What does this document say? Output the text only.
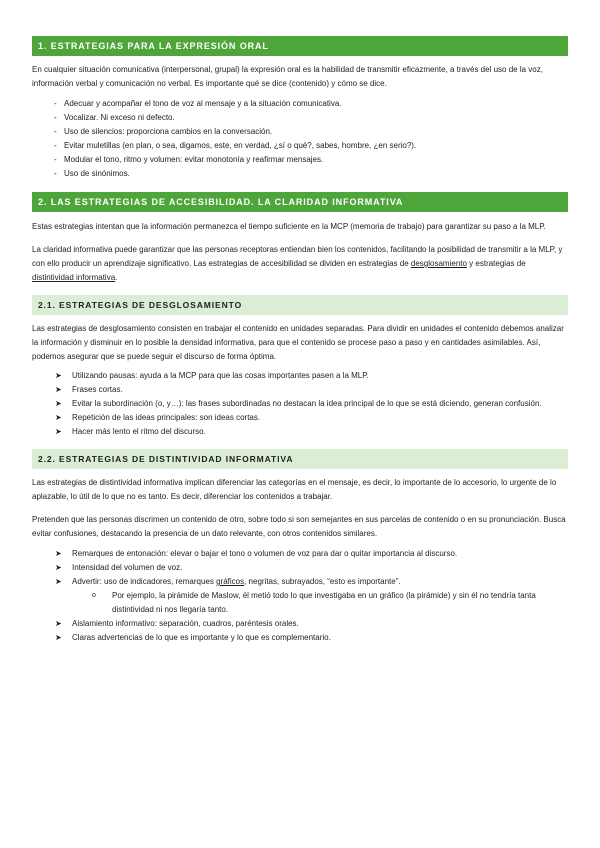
1. ESTRATEGIAS PARA LA EXPRESIÓN ORAL

En cualquier situación comunicativa (interpersonal, grupal) la expresión oral es la habilidad de transmitir eficazmente, a través del uso de la voz, información verbal y comunicación no verbal. Es importante qué se dice (contenido) y cómo se dice.

- Adecuar y acompañar el tono de voz al mensaje y a la situación comunicativa.
- Vocalizar. Ni exceso ni defecto.
- Uso de silencios: proporciona cambios en la conversación.
- Evitar muletillas (en plan, o sea, digamos, este, en verdad, ¿sí o qué?, sabes, hombre, ¿en serio?).
- Modular el tono, ritmo y volumen: evitar monotonía y reafirmar mensajes.
- Uso de sinónimos.
2. LAS ESTRATEGIAS DE ACCESIBILIDAD. LA CLARIDAD INFORMATIVA

Estas estrategias intentan que la información permanezca el tiempo suficiente en la MCP (memoria de trabajo) para garantizar su paso a la MLP.

La claridad informativa puede garantizar que las personas receptoras entiendan bien los contenidos, facilitando la posibilidad de transmitir a la MLP, y con ello producir un aprendizaje significativo. Las estrategias de accesibilidad se dividen en estrategias de desglosamiento y estrategias de distintividad informativa.

2.1. ESTRATEGIAS DE DESGLOSAMIENTO

Las estrategias de desglosamiento consisten en trabajar el contenido en unidades separadas. Para dividir en unidades el contenido debemos analizar la información y disminuir en lo posible la densidad informativa, para que el contenido se procese paso a paso y en cantidades asimilables. Así, podemos asegurar que se puede seguir el discurso de forma óptima.

➤ Utilizando pausas: ayuda a la MCP para que las cosas importantes pasen a la MLP.
➤ Frases cortas.
➤ Evitar la subordinación (o, y…): las frases subordinadas no destacan la idea principal de lo que se está diciendo, generan confusión.
➤ Repetición de las ideas principales: son ideas cortas.
➤ Hacer más lento el ritmo del discurso.
2.2. ESTRATEGIAS DE DISTINTIVIDAD INFORMATIVA

Las estrategias de distintividad informativa implican diferenciar las categorías en el mensaje, es decir, lo importante de lo accesorio, lo urgente de lo aplazable, lo útil de lo que no es tanto. Es decir, diferenciar los contenidos a trabajar.

Pretenden que las personas discrimen un contenido de otro, sobre todo si son semejantes en sus parcelas de contenido o en su pronunciación. Busca evitar confusiones, destacando la presencia de un dato relevante, con otros contenidos similares.

➤ Remarques de entonación: elevar o bajar el tono o volumen de voz para dar o quitar importancia al discurso.
➤ Intensidad del volumen de voz.
➤ Advertir: uso de indicadores, remarques gráficos, negritas, subrayados, “esto es importante”.
o Por ejemplo, la pirámide de Maslow, él metió todo lo que investigaba en un gráfico (la pirámide) y sin él no tendría tanta distintividad ni nos llegaría tanto.
➤ Aislamiento informativo: separación, cuadros, paréntesis orales.
➤ Claras advertencias de lo que es importante y lo que es complementario.
